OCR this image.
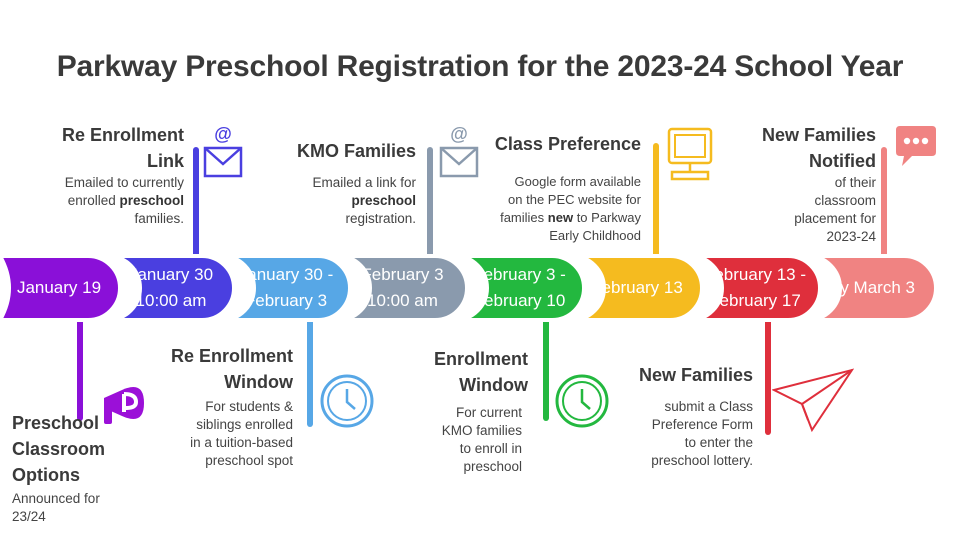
Parkway Preschool Registration for the 2023-24 School Year
January 19
January 30
10:00 am
January 30 -
February 3
February 3
10:00 am
February 3 -
February 10
February 13
February 13 -
February 17
By March 3
Preschool
Classroom
Options
Announced for
23/24
Re Enrollment
Link
Emailed to currently
enrolled preschool
families.
@
Re Enrollment
Window
For students &
siblings enrolled
in a tuition-based
preschool spot
KMO Families
Emailed a link for
preschool
registration.
@
Enrollment
Window
For current
KMO families
to enroll in
preschool
Class Preference
Google form available
on the PEC website for
families new to Parkway
Early Childhood
New Families
submit a Class
Preference Form
to enter the
preschool lottery.
New Families
Notified
of their
classroom
placement for
2023-24
